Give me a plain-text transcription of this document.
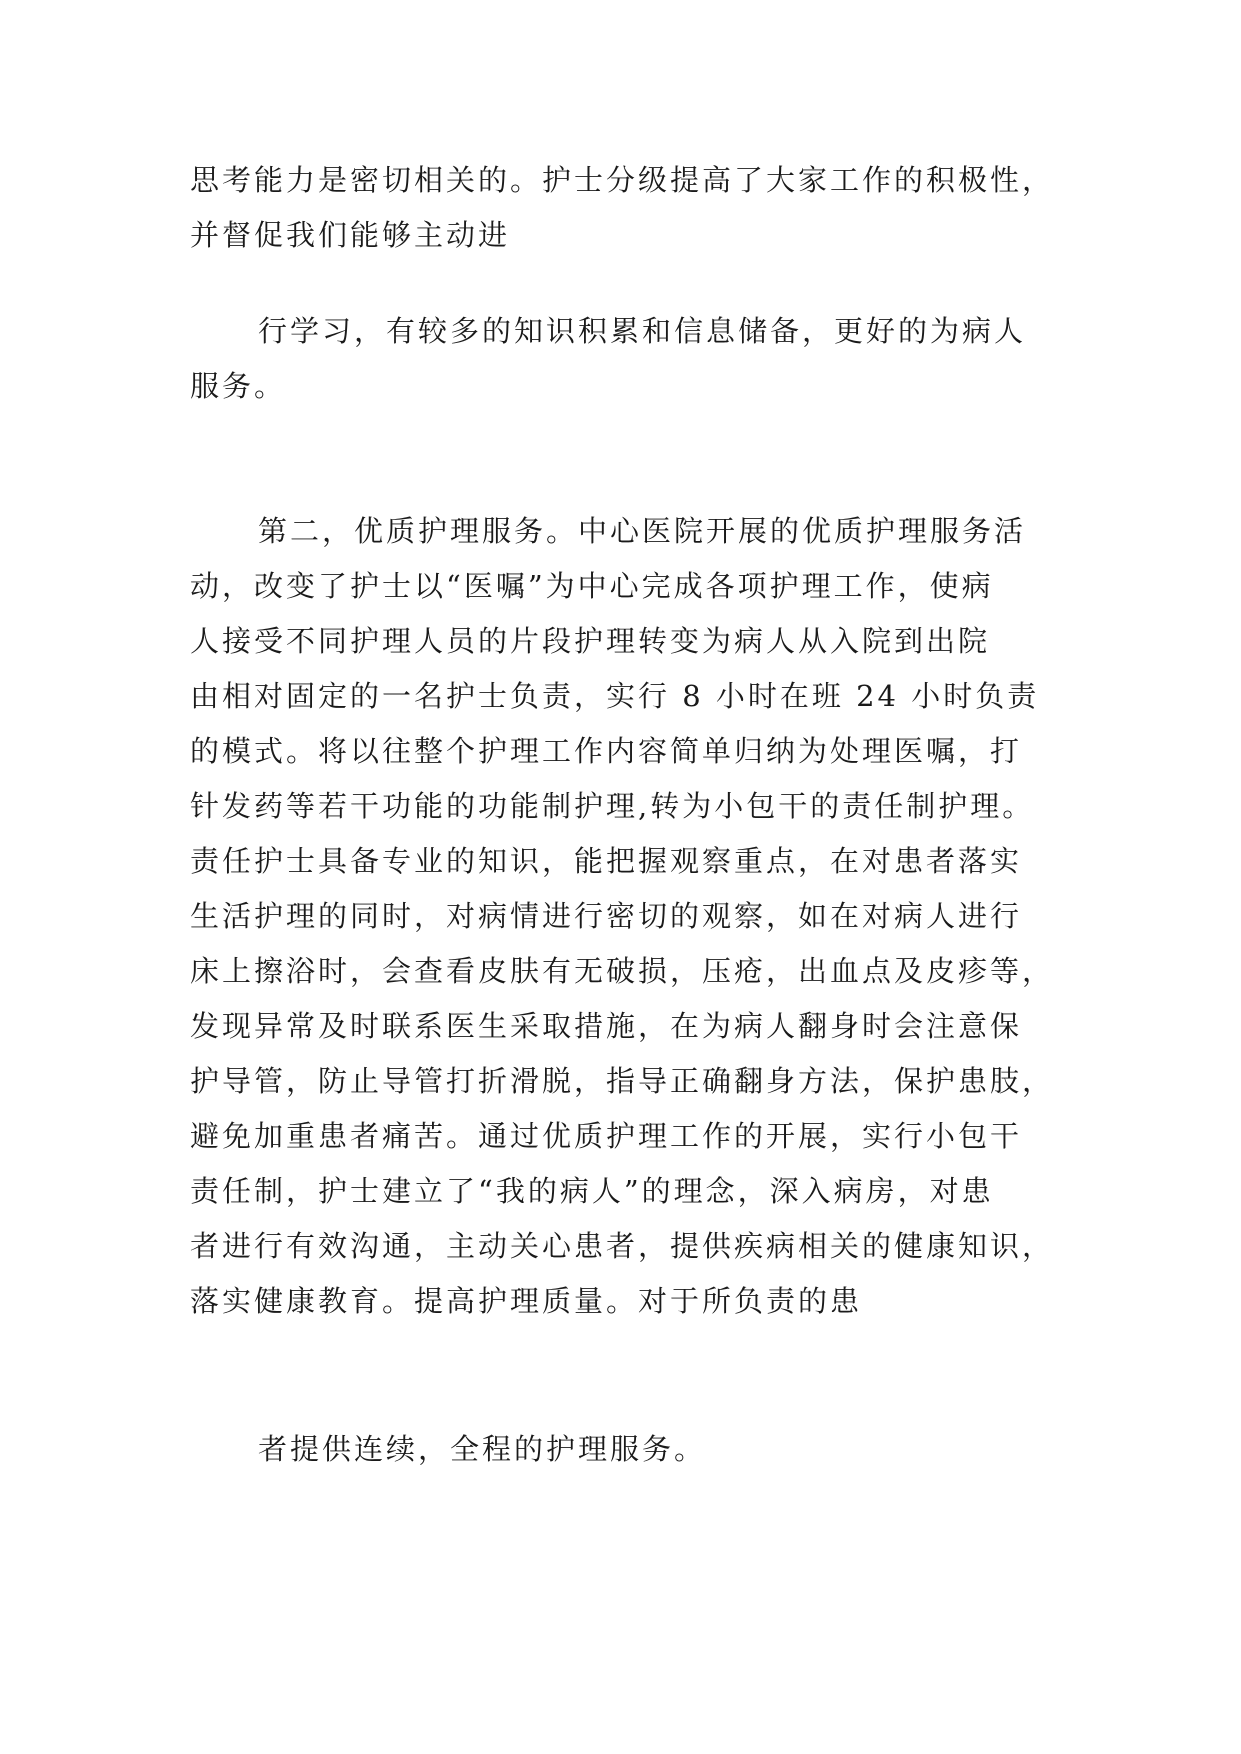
思考能力是密切相关的。护士分级提高了大家工作的积极性，
并督促我们能够主动进

行学习，有较多的知识积累和信息储备，更好的为病人
服务。

第二，优质护理服务。中心医院开展的优质护理服务活
动，改变了护士以“医嘱”为中心完成各项护理工作，使病
人接受不同护理人员的片段护理转变为病人从入院到出院
由相对固定的一名护士负责，实行 8 小时在班 24 小时负责
的模式。将以往整个护理工作内容简单归纳为处理医嘱，打
针发药等若干功能的功能制护理,转为小包干的责任制护理。
责任护士具备专业的知识，能把握观察重点，在对患者落实
生活护理的同时，对病情进行密切的观察，如在对病人进行
床上擦浴时，会查看皮肤有无破损，压疮，出血点及皮疹等，
发现异常及时联系医生采取措施，在为病人翻身时会注意保
护导管，防止导管打折滑脱，指导正确翻身方法，保护患肢，
避免加重患者痛苦。通过优质护理工作的开展，实行小包干
责任制，护士建立了“我的病人”的理念，深入病房，对患
者进行有效沟通，主动关心患者，提供疾病相关的健康知识，
落实健康教育。提高护理质量。对于所负责的患

者提供连续，全程的护理服务。
